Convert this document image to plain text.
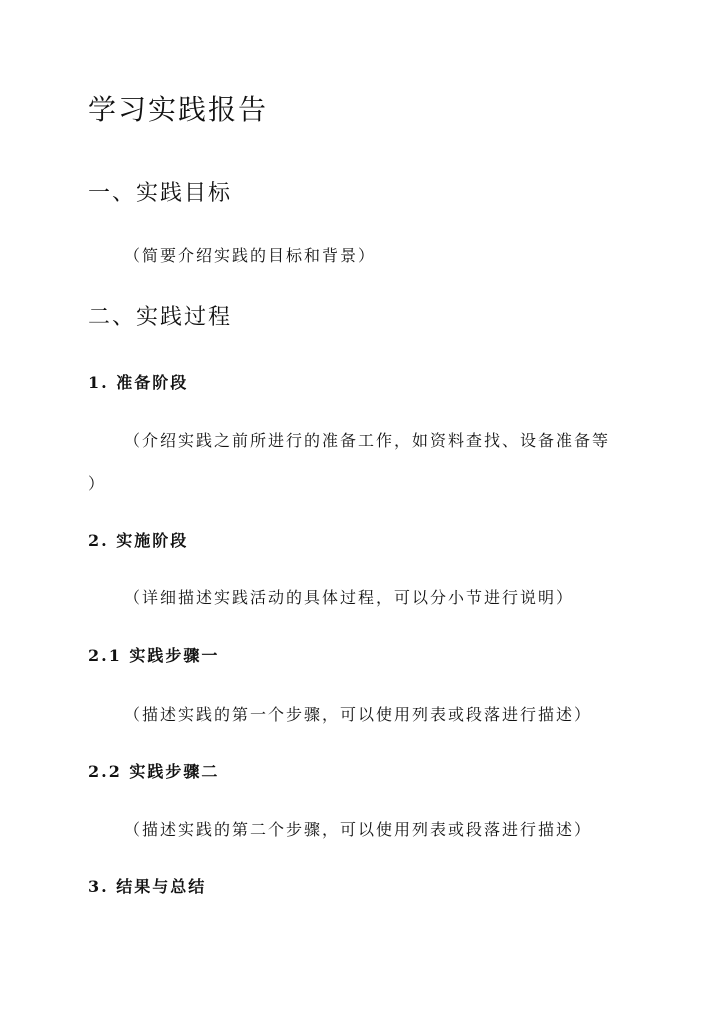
学习实践报告
一、实践目标

（简要介绍实践的目标和背景）

二、实践过程
1. 准备阶段

（介绍实践之前所进行的准备工作，如资料查找、设备准备等

）

2. 实施阶段

（详细描述实践活动的具体过程，可以分小节进行说明）

2.1 实践步骤一

（描述实践的第一个步骤，可以使用列表或段落进行描述）

2.2 实践步骤二

（描述实践的第二个步骤，可以使用列表或段落进行描述）

3. 结果与总结
